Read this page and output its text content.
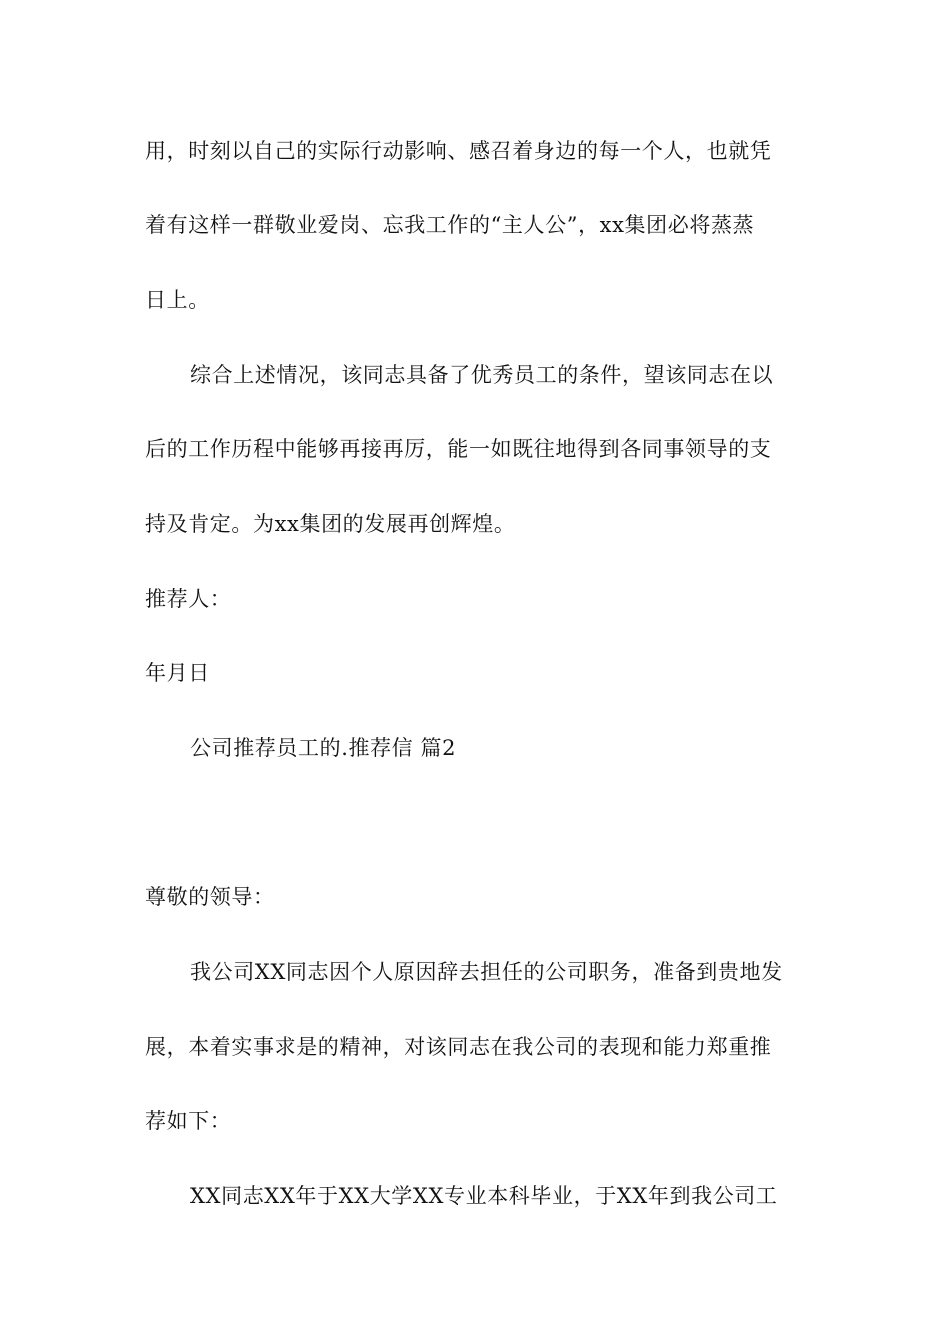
用，时刻以自己的实际行动影响、感召着身边的每一个人，也就凭
着有这样一群敬业爱岗、忘我工作的“主人公”，xx集团必将蒸蒸
日上。
综合上述情况，该同志具备了优秀员工的条件，望该同志在以
后的工作历程中能够再接再厉，能一如既往地得到各同事领导的支
持及肯定。为xx集团的发展再创辉煌。
推荐人：
年月日
公司推荐员工的.推荐信 篇2
尊敬的领导：
我公司XX同志因个人原因辞去担任的公司职务，准备到贵地发
展，本着实事求是的精神，对该同志在我公司的表现和能力郑重推
荐如下：
XX同志XX年于XX大学XX专业本科毕业，于XX年到我公司工
